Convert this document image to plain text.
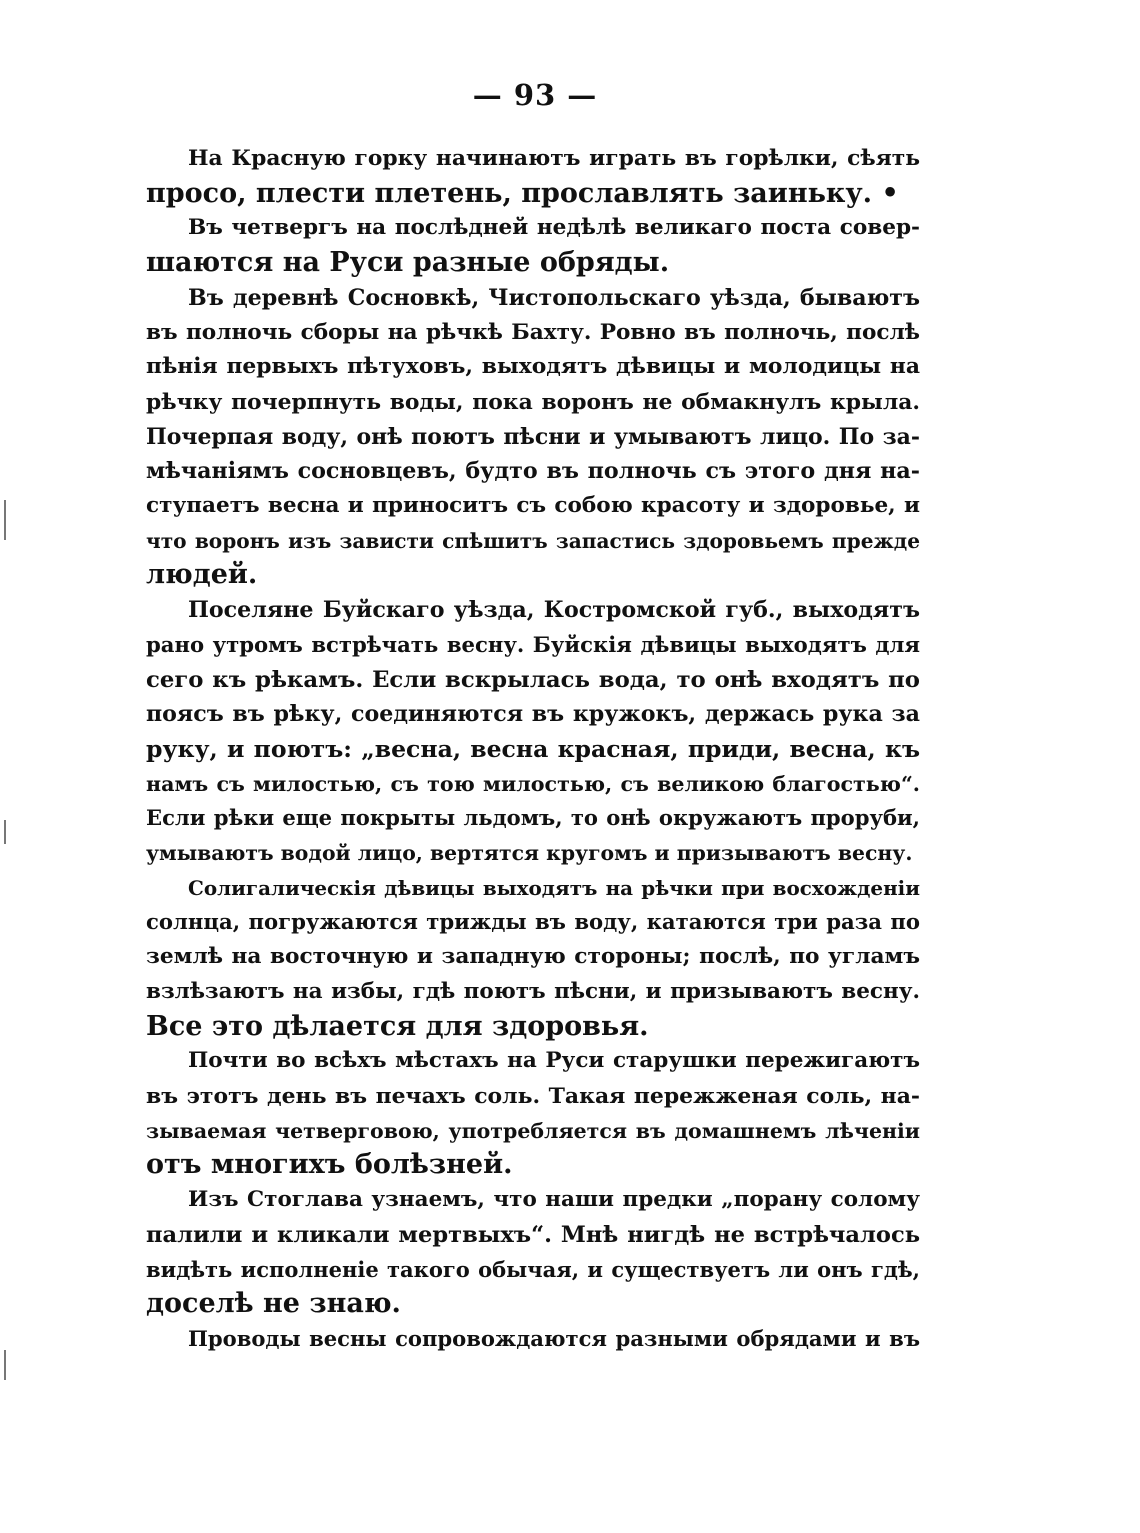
— 93 —

На Красную горку начинаютъ играть въ горѣлки, сѣять
просо, плести плетень, прославлять заиньку. •

Въ четвергъ на послѣдней недѣлѣ великаго поста совер-
шаются на Руси разные обряды.

Въ деревнѣ Сосновкѣ, Чистопольскаго уѣзда, бываютъ
въ полночь сборы на рѣчкѣ Бахту. Ровно въ полночь, послѣ
пѣнія первыхъ пѣтуховъ, выходятъ дѣвицы и молодицы на
рѣчку почерпнуть воды, пока воронъ не обмакнулъ крыла.
Почерпая воду, онѣ поютъ пѣсни и умываютъ лицо. По за-
мѣчаніямъ сосновцевъ, будто въ полночь съ этого дня на-
ступаетъ весна и приноситъ съ собою красоту и здоровье, и
что воронъ изъ зависти спѣшитъ запастись здоровьемъ прежде
людей.

Поселяне Буйскаго уѣзда, Костромской губ., выходятъ
рано утромъ встрѣчать весну. Буйскія дѣвицы выходятъ для
сего къ рѣкамъ. Если вскрылась вода, то онѣ входятъ по
поясъ въ рѣку, соединяются въ кружокъ, держась рука за
руку, и поютъ: „весна, весна красная, приди, весна, къ
намъ съ милостью, съ тою милостью, съ великою благостью“.
Если рѣки еще покрыты льдомъ, то онѣ окружаютъ проруби,
умываютъ водой лицо, вертятся кругомъ и призываютъ весну.

Солигалическія дѣвицы выходятъ на рѣчки при восхожденіи
солнца, погружаются трижды въ воду, катаются три раза по
землѣ на восточную и западную стороны; послѣ, по угламъ
взлѣзаютъ на избы, гдѣ поютъ пѣсни, и призываютъ весну.
Все это дѣлается для здоровья.

Почти во всѣхъ мѣстахъ на Руси старушки пережигаютъ
въ этотъ день въ печахъ соль. Такая пережженая соль, на-
зываемая четверговою, употребляется въ домашнемъ лѣченіи
отъ многихъ болѣзней.

Изъ Стоглава узнаемъ, что наши предки „порану солому
палили и кликали мертвыхъ“. Мнѣ нигдѣ не встрѣчалось
видѣть исполненіе такого обычая, и существуетъ ли онъ гдѣ,
доселѣ не знаю.

Проводы весны сопровождаются разными обрядами и въ
